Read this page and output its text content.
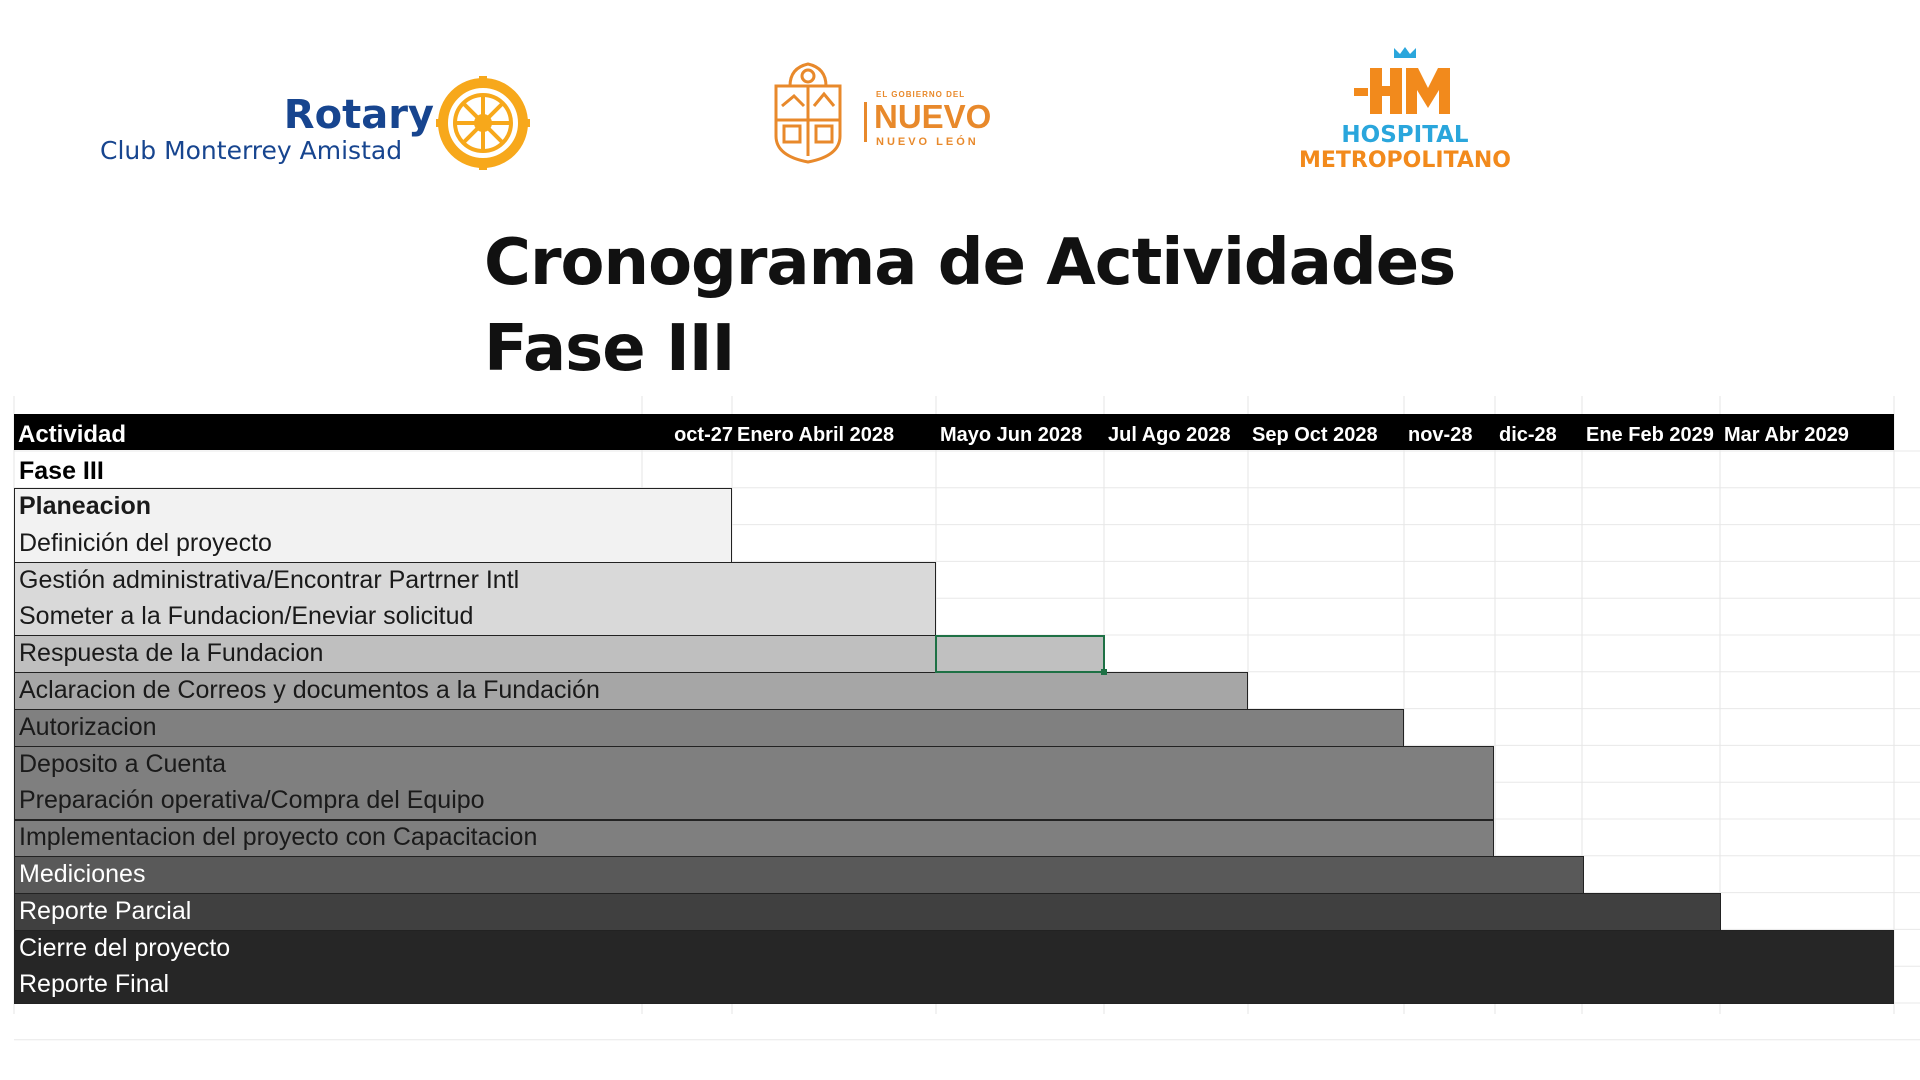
Rotary
Club Monterrey Amistad
EL GOBIERNO DEL
NUEVO
NUEVO LEÓN	HOSPITAL
METROPOLITANO
Cronograma de Actividades
Fase III
Actividad	oct-27 Enero Abril 2028 Mayo Jun 2028 Jul Ago 2028 Sep Oct 2028 nov-28 dic-28 Ene Feb 2029 Mar Abr 2029
Fase III
Planeacion
Definición del proyecto
Gestión administrativa/Encontrar Partrner Intl
Someter a la Fundacion/Eneviar solicitud
Respuesta de la Fundacion
Aclaracion de Correos y documentos a la Fundación
Autorizacion
Deposito a Cuenta
Preparación operativa/Compra del Equipo
Implementacion del proyecto con Capacitacion
Mediciones
Reporte Parcial
Cierre del proyecto
Reporte Final
